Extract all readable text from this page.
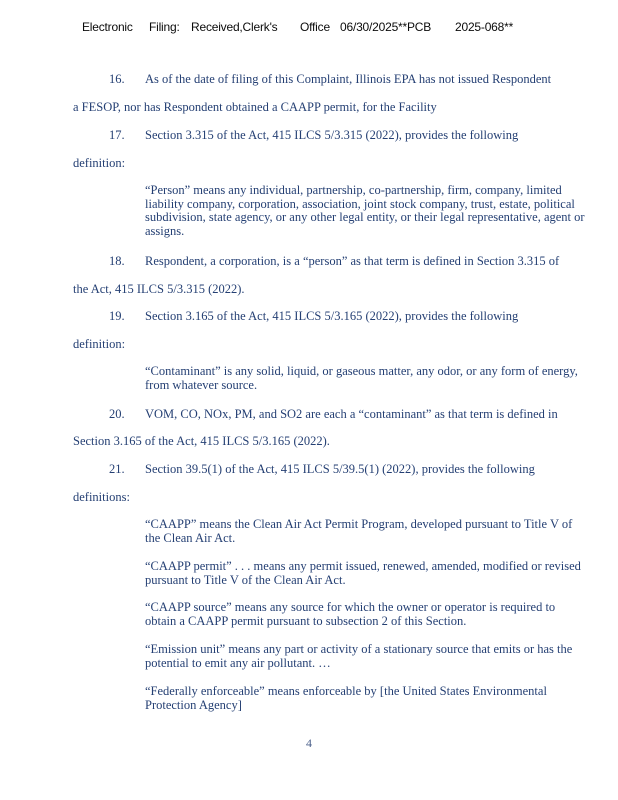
Electronic Filing: Received,Clerk's Office 06/30/2025**PCB 2025-068**
16. As of the date of filing of this Complaint, Illinois EPA has not issued Respondent
a FESOP, nor has Respondent obtained a CAAPP permit, for the Facility
17. Section 3.315 of the Act, 415 ILCS 5/3.315 (2022), provides the following
definition:
“Person” means any individual, partnership, co-partnership, firm, company, limited liability company, corporation, association, joint stock company, trust, estate, political subdivision, state agency, or any other legal entity, or their legal representative, agent or assigns.
18. Respondent, a corporation, is a “person” as that term is defined in Section 3.315 of
the Act, 415 ILCS 5/3.315 (2022).
19. Section 3.165 of the Act, 415 ILCS 5/3.165 (2022), provides the following
definition:
“Contaminant” is any solid, liquid, or gaseous matter, any odor, or any form of energy, from whatever source.
20. VOM, CO, NOx, PM, and SO2 are each a “contaminant” as that term is defined in
Section 3.165 of the Act, 415 ILCS 5/3.165 (2022).
21. Section 39.5(1) of the Act, 415 ILCS 5/39.5(1) (2022), provides the following
definitions:
“CAAPP” means the Clean Air Act Permit Program, developed pursuant to Title V of the Clean Air Act.
“CAAPP permit” . . . means any permit issued, renewed, amended, modified or revised pursuant to Title V of the Clean Air Act.
“CAAPP source” means any source for which the owner or operator is required to obtain a CAAPP permit pursuant to subsection 2 of this Section.
“Emission unit” means any part or activity of a stationary source that emits or has the potential to emit any air pollutant. …
“Federally enforceable” means enforceable by [the United States Environmental Protection Agency]
4
